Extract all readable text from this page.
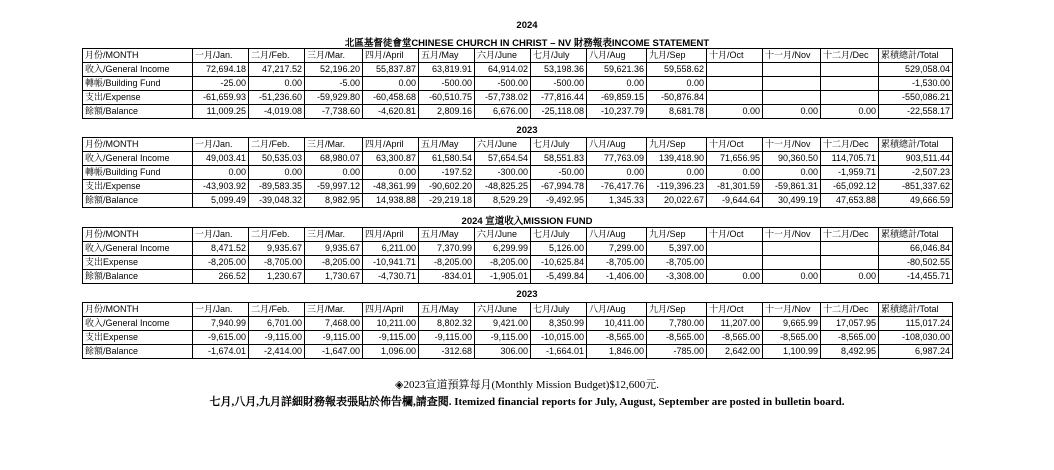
2024
北區基督徒會堂CHINESE CHURCH IN CHRIST – NV 財務報表INCOME STATEMENT
月份/MONTH	一月/Jan.	二月/Feb.	三月/Mar.	四月/April	五月/May	六月/June	七月/July	八月/Aug	九月/Sep	十月/Oct	十一月/Nov	十二月/Dec	累積總計/Total
收入/General Income	72,694.18	47,217.52	52,196.20	55,837.87	63,819.91	64,914.02	53,198.36	59,621.36	59,558.62				529,058.04
轉帳/Building Fund	-25.00	0.00	-5.00	0.00	-500.00	-500.00	-500.00	0.00	0.00				-1,530.00
支出/Expense	-61,659.93	-51,236.60	-59,929.80	-60,458.68	-60,510.75	-57,738.02	-77,816.44	-69,859.15	-50,876.84				-550,086.21
餘額/Balance	11,009.25	-4,019.08	-7,738.60	-4,620.81	2,809.16	6,676.00	-25,118.08	-10,237.79	8,681.78	0.00	0.00	0.00	-22,558.17
2023
月份/MONTH	一月/Jan.	二月/Feb.	三月/Mar.	四月/April	五月/May	六月/June	七月/July	八月/Aug	九月/Sep	十月/Oct	十一月/Nov	十二月/Dec	累積總計/Total
收入/General Income	49,003.41	50,535.03	68,980.07	63,300.87	61,580.54	57,654.54	58,551.83	77,763.09	139,418.90	71,656.95	90,360.50	114,705.71	903,511.44
轉帳/Building Fund	0.00	0.00	0.00	0.00	-197.52	-300.00	-50.00	0.00	0.00	0.00	0.00	-1,959.71	-2,507.23
支出/Expense	-43,903.92	-89,583.35	-59,997.12	-48,361.99	-90,602.20	-48,825.25	-67,994.78	-76,417.76	-119,396.23	-81,301.59	-59,861.31	-65,092.12	-851,337.62
餘額/Balance	5,099.49	-39,048.32	8,982.95	14,938.88	-29,219.18	8,529.29	-9,492.95	1,345.33	20,022.67	-9,644.64	30,499.19	47,653.88	49,666.59
2024 宣道收入MISSION FUND
月份/MONTH	一月/Jan.	二月/Feb.	三月/Mar.	四月/April	五月/May	六月/June	七月/July	八月/Aug	九月/Sep	十月/Oct	十一月/Nov	十二月/Dec	累積總計/Total
收入/General Income	8,471.52	9,935.67	9,935.67	6,211.00	7,370.99	6,299.99	5,126.00	7,299.00	5,397.00				66,046.84
支出Expense	-8,205.00	-8,705.00	-8,205.00	-10,941.71	-8,205.00	-8,205.00	-10,625.84	-8,705.00	-8,705.00				-80,502.55
餘額/Balance	266.52	1,230.67	1,730.67	-4,730.71	-834.01	-1,905.01	-5,499.84	-1,406.00	-3,308.00	0.00	0.00	0.00	-14,455.71
2023
月份/MONTH	一月/Jan.	二月/Feb.	三月/Mar.	四月/April	五月/May	六月/June	七月/July	八月/Aug	九月/Sep	十月/Oct	十一月/Nov	十二月/Dec	累積總計/Total
收入/General Income	7,940.99	6,701.00	7,468.00	10,211.00	8,802.32	9,421.00	8,350.99	10,411.00	7,780.00	11,207.00	9,665.99	17,057.95	115,017.24
支出Expense	-9,615.00	-9,115.00	-9,115.00	-9,115.00	-9,115.00	-9,115.00	-10,015.00	-8,565.00	-8,565.00	-8,565.00	-8,565.00	-8,565.00	-108,030.00
餘額/Balance	-1,674.01	-2,414.00	-1,647.00	1,096.00	-312.68	306.00	-1,664.01	1,846.00	-785.00	2,642.00	1,100.99	8,492.95	6,987.24
◈2023宣道預算每月(Monthly Mission Budget)$12,600元.
七月,八月,九月詳細財務報表張貼於佈告欄,請查閱. Itemized financial reports for July, August, September are posted in bulletin board.
